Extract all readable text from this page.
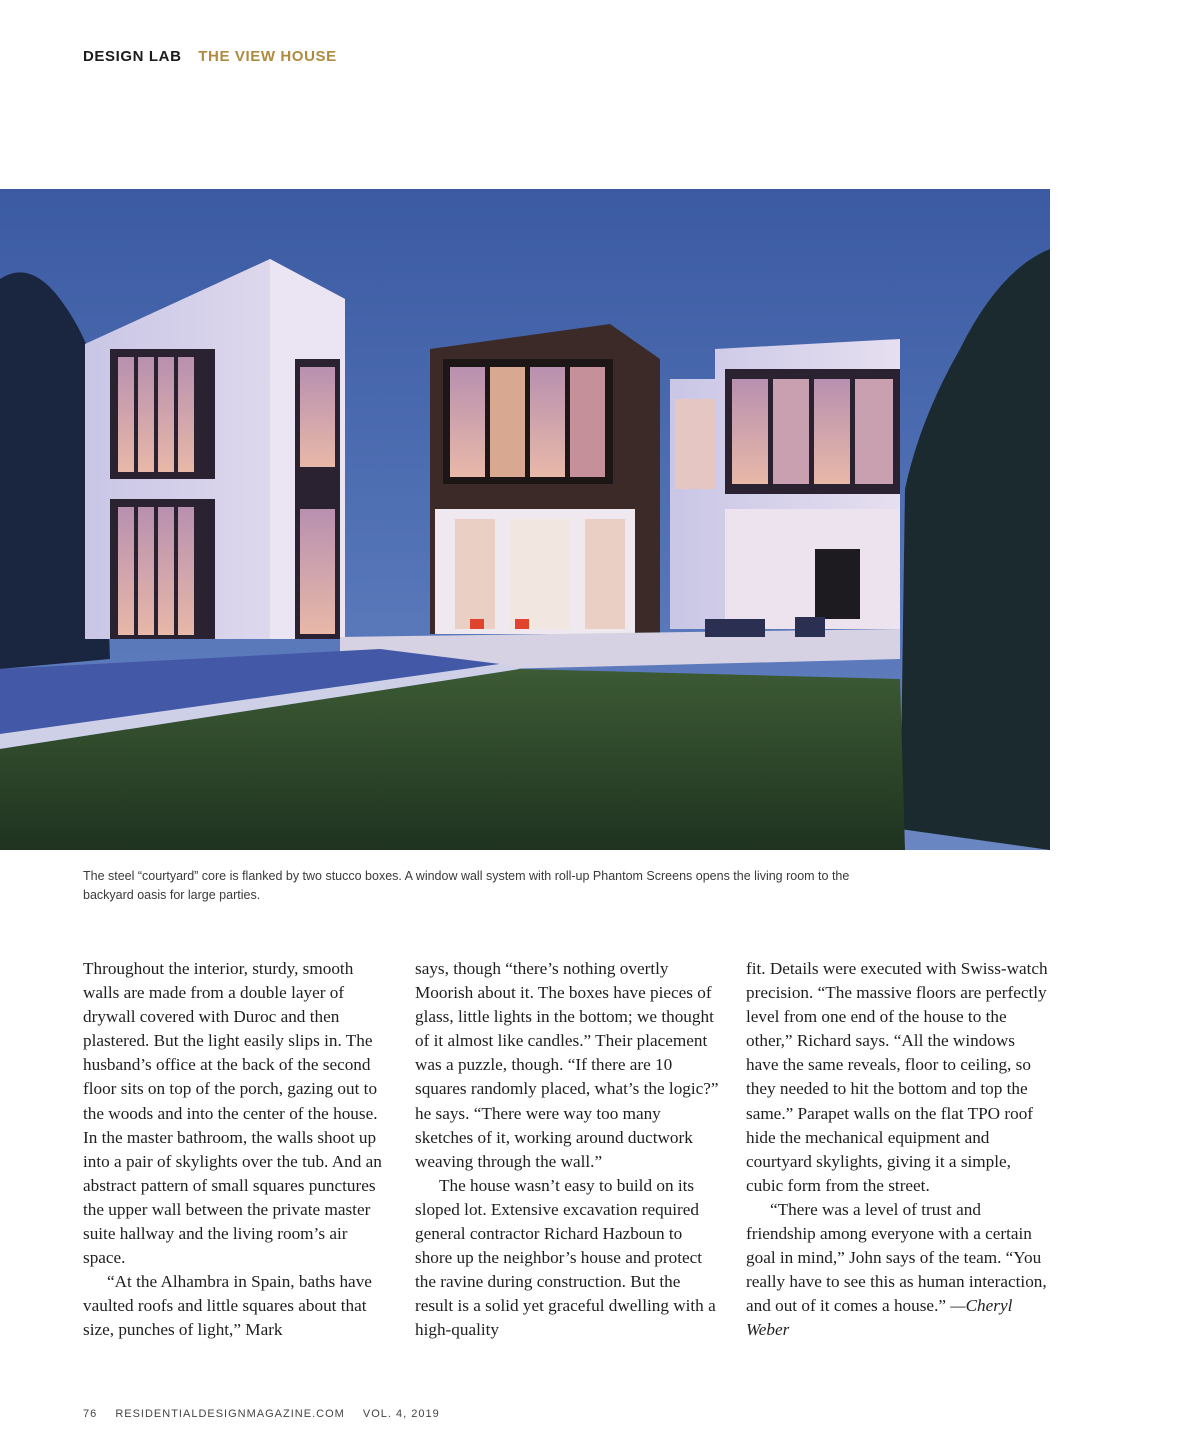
DESIGN LAB THE VIEW HOUSE
The steel “courtyard” core is flanked by two stucco boxes. A window wall system with roll-up Phantom Screens opens the living room to the backyard oasis for large parties.

Throughout the interior, sturdy, smooth walls are made from a double layer of drywall covered with Duroc and then plastered. But the light easily slips in. The husband’s office at the back of the second floor sits on top of the porch, gazing out to the woods and into the center of the house. In the master bathroom, the walls shoot up into a pair of skylights over the tub. And an abstract pattern of small squares punctures the upper wall between the private master suite hallway and the living room’s air space.

“At the Alhambra in Spain, baths have vaulted roofs and little squares about that size, punches of light,” Mark

says, though “there’s nothing overtly Moorish about it. The boxes have pieces of glass, little lights in the bottom; we thought of it almost like candles.” Their placement was a puzzle, though. “If there are 10 squares randomly placed, what’s the logic?” he says. “There were way too many sketches of it, working around ductwork weaving through the wall.”

The house wasn’t easy to build on its sloped lot. Extensive excavation required general contractor Richard Hazboun to shore up the neighbor’s house and protect the ravine during construction. But the result is a solid yet graceful dwelling with a high-quality

fit. Details were executed with Swiss-watch precision. “The massive floors are perfectly level from one end of the house to the other,” Richard says. “All the windows have the same reveals, floor to ceiling, so they needed to hit the bottom and top the same.” Parapet walls on the flat TPO roof hide the mechanical equipment and courtyard skylights, giving it a simple, cubic form from the street.

“There was a level of trust and friendship among everyone with a certain goal in mind,” John says of the team. “You really have to see this as human interaction, and out of it comes a house.” —Cheryl Weber

76 RESIDENTIALDESIGNMAGAZINE.COM VOL. 4, 2019
